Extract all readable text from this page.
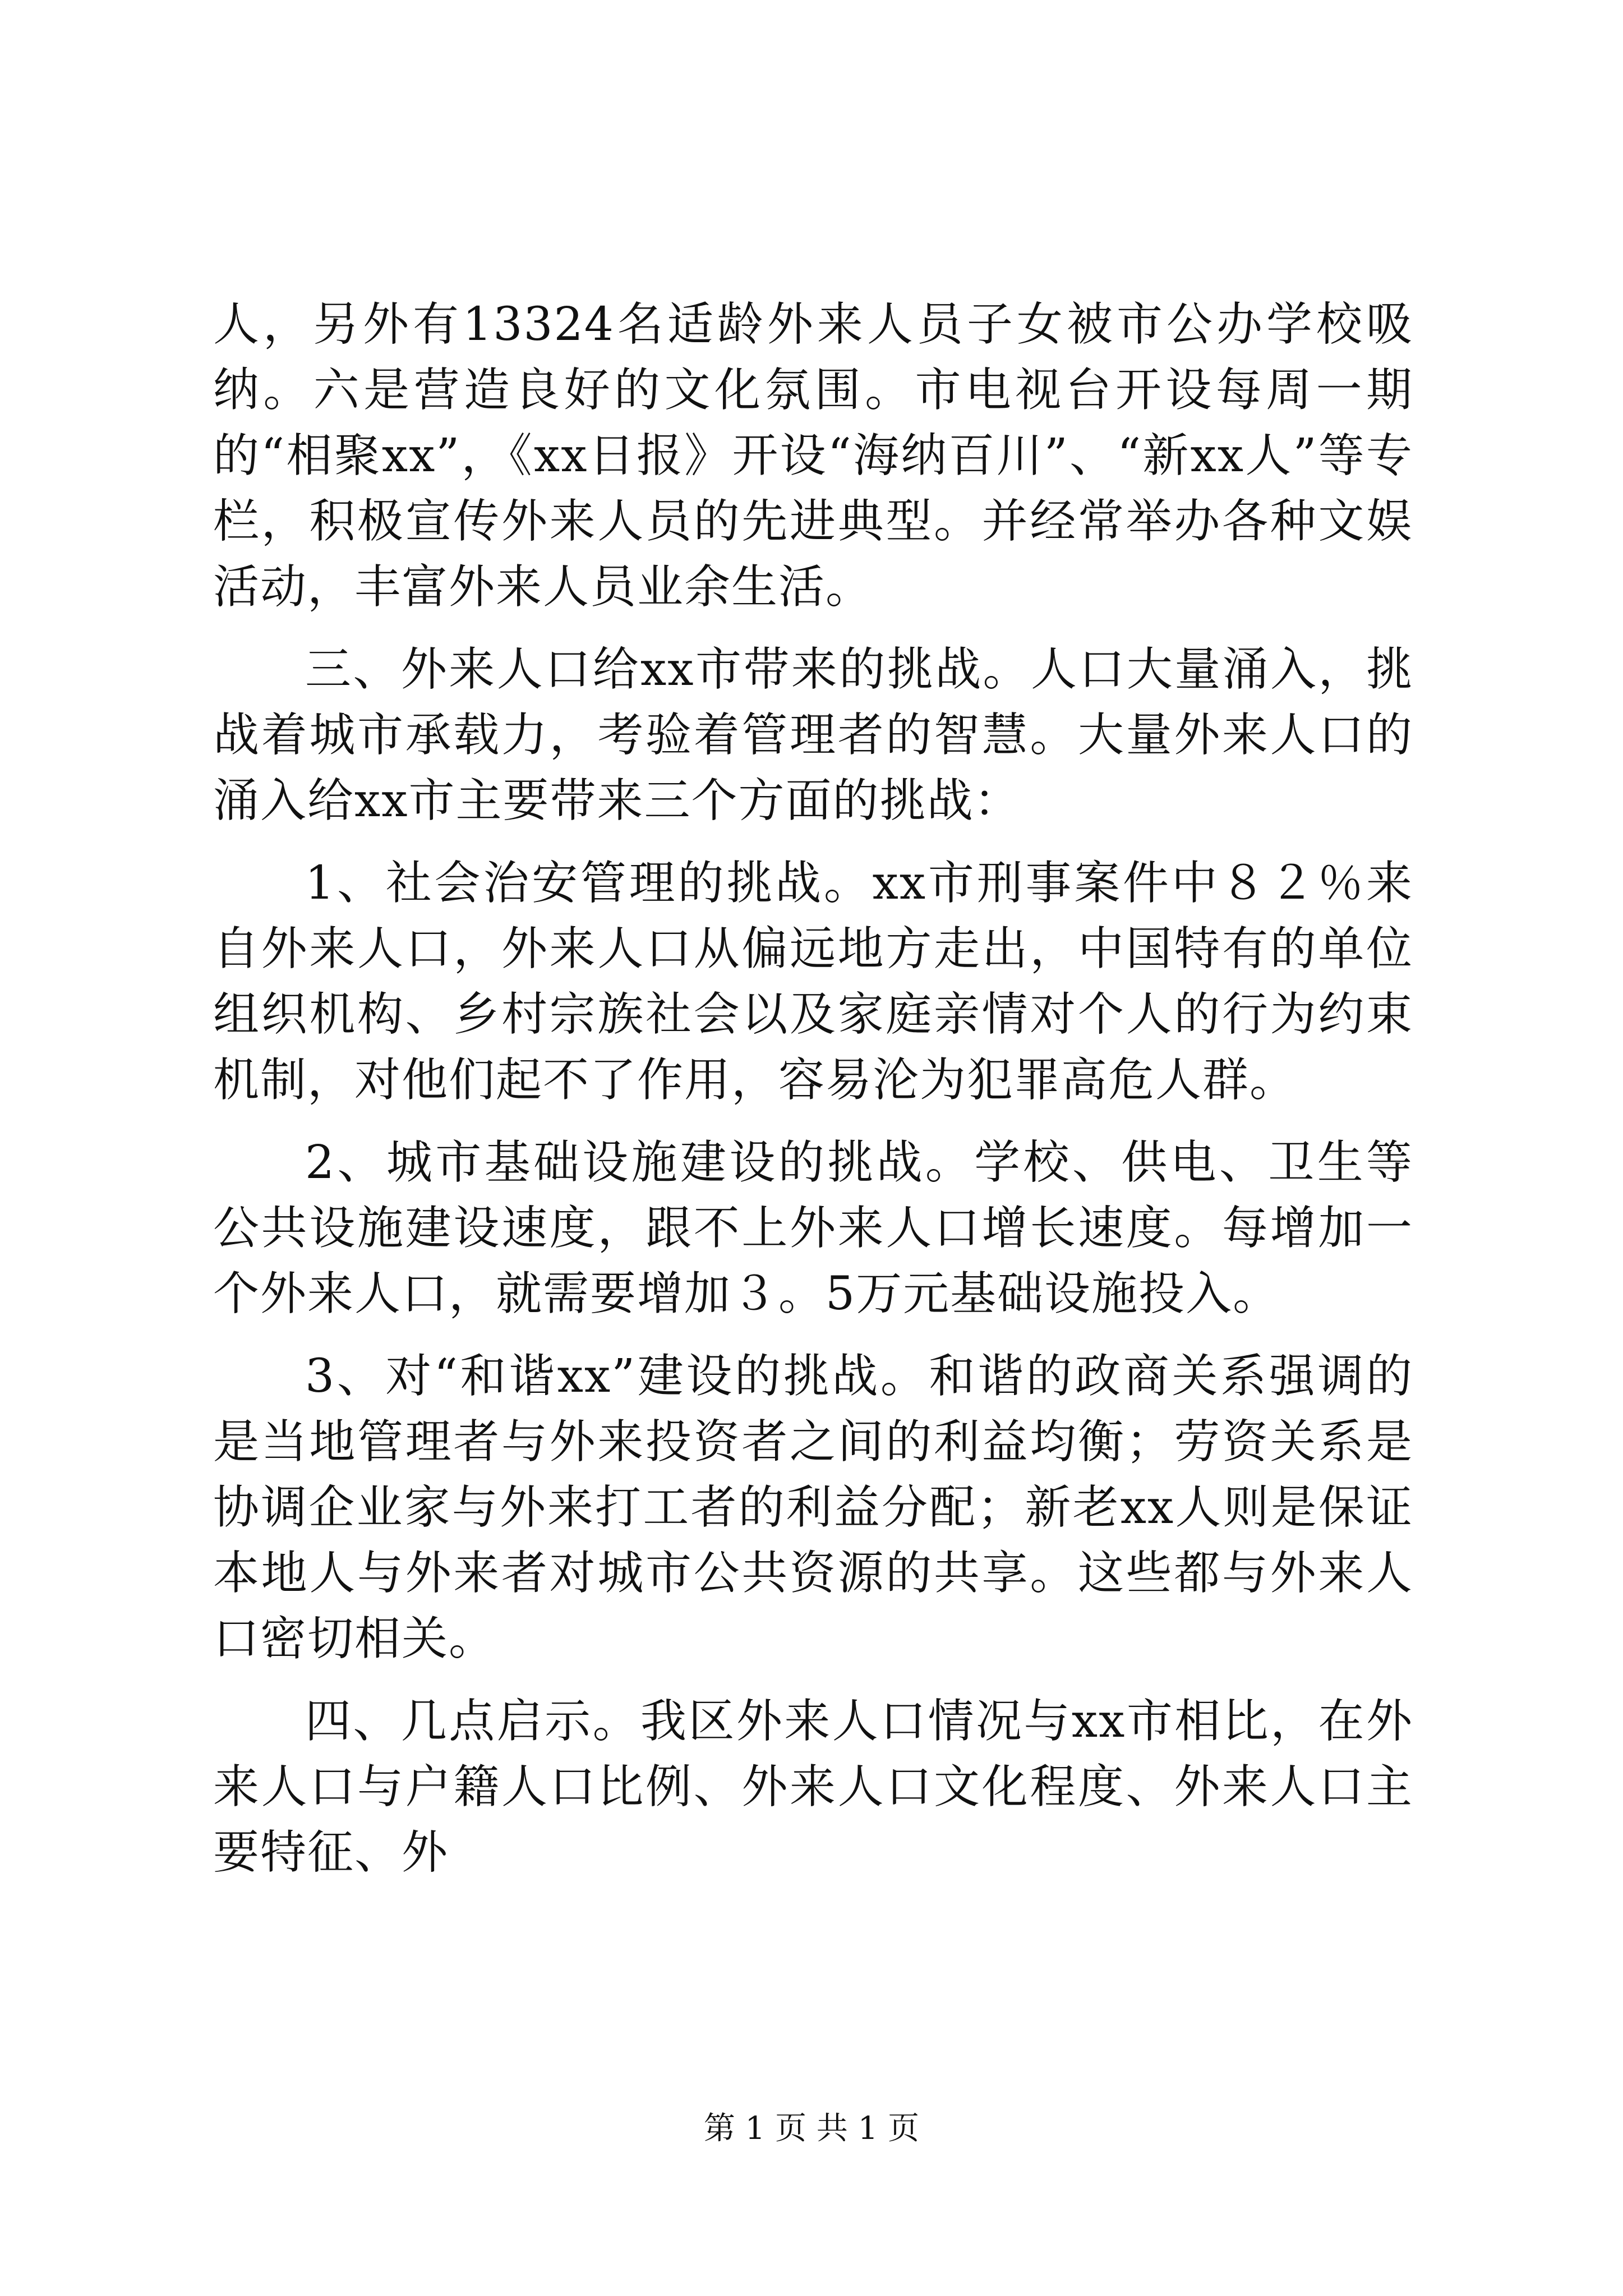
人，另外有13324名适龄外来人员子女被市公办学校吸纳。六是营造良好的文化氛围。市电视台开设每周一期的“相聚xx”，《xx日报》开设“海纳百川”、“新xx人”等专栏，积极宣传外来人员的先进典型。并经常举办各种文娱活动，丰富外来人员业余生活。

三、外来人口给xx市带来的挑战。人口大量涌入，挑战着城市承载力，考验着管理者的智慧。大量外来人口的涌入给xx市主要带来三个方面的挑战：

1、社会治安管理的挑战。xx市刑事案件中８２％来自外来人口，外来人口从偏远地方走出，中国特有的单位组织机构、乡村宗族社会以及家庭亲情对个人的行为约束机制，对他们起不了作用，容易沦为犯罪高危人群。

2、城市基础设施建设的挑战。学校、供电、卫生等公共设施建设速度，跟不上外来人口增长速度。每增加一个外来人口，就需要增加３。5万元基础设施投入。

3、对“和谐xx”建设的挑战。和谐的政商关系强调的是当地管理者与外来投资者之间的利益均衡；劳资关系是协调企业家与外来打工者的利益分配；新老xx人则是保证本地人与外来者对城市公共资源的共享。这些都与外来人口密切相关。

四、几点启示。我区外来人口情况与xx市相比，在外来人口与户籍人口比例、外来人口文化程度、外来人口主要特征、外

第 1 页 共 1 页
